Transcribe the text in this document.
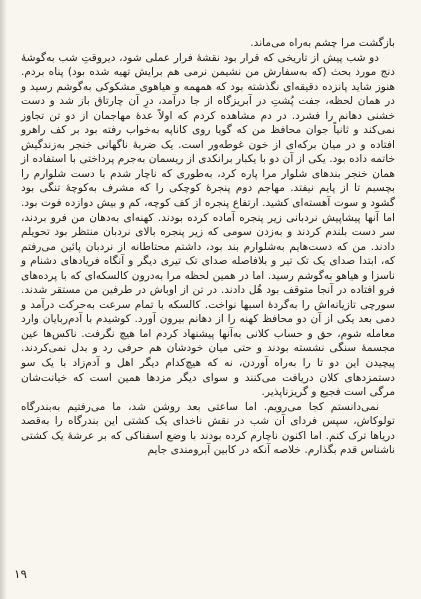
بازگشت مرا چشم به‌راه می‌ماند.

دو شب پیش از تاریخی که قرار بود نقشهٔ فرار عملی شود، دیروقتِ شب به‌گوشهٔ دنج مورد بحث (که به‌سفارش من نشیمن نرمی هم برایش تهیه شده بود) پناه بردم. هنوز شاید پانزده دقیقه‌ای نگذشته بود که همهمه و هیاهوی مشکوکی به‌گوشم رسید و در همان لحظه، جفت پُشتِ در آبریزگاه از جا درآمد، درِ آن چارتاق باز شد و دست خشنی دهانم را فشرد. در دم مشاهده کردم که اولاً عدهٔ مهاجمان از دو تن تجاوز نمی‌کند و ثانیاً جوان محافظ من که گویا روی کاناپه به‌خواب رفته بود بر کف راهرو افتاده و در میان برکه‌ای از خون غوطه‌ور است. یک ضربهٔ ناگهانی خنجر به‌زندگیش خاتمه داده بود. یکی از آن دو با یکبار برانکدی از ریسمان به‌جرم پرداختی با استفاده از همان خنجر بندهای شلوار مرا پاره کرد، به‌طوری که ناچار شدم با دست شلوارم را بچسبم تا از پایم نیفتد. مهاجم دوم پنجرهٔ کوچکی را که مشرف به‌کوچهٔ تنگی بود گشود و سوت آهسته‌ای کشید. ارتفاع پنجره از کف کوچه، کم و بیش دوازده فوت بود. اما آنها پیشاپیش نردبانی زیر پنجره آماده کرده بودند. کهنه‌ای به‌دهان من فرو بردند، سر دست بلندم کردند و به‌زدن سومی که زیر پنجره بالای نردبان منتظر بود تحویلم دادند. من که دست‌هایم به‌شلوارم بند بود، داشتم محتاطانه از نردبان پائین می‌رفتم که، ابتدا صدای یک تک تیر و بلافاصله صدای تک تیری دیگر و آنگاه فریادهای دشنام و ناسزا و هیاهو به‌گوشم رسید. اما در همین لحظه مرا به‌درون کالسکه‌ای که با پرده‌های فرو افتاده در آنجا متوقف بود هُل دادند. در تن از اوباش در طرفین من مستقر شدند. سورچی تازیانه‌اش را به‌گردهٔ اسبها نواخت. کالسکه با تمام سرعت به‌حرکت درآمد و دمی بعد یکی از آن دو محافظ کهنه را از دهانم بیرون آورد. کوشیدم با آدم‌ربایان وارد معامله شوم، حق و حساب کلانی به‌آنها پیشنهاد کردم اما هیچ نگرفت. ناکس‌ها عین مجسمهٔ سنگی نشسته بودند و حتی میان خودشان هم حرفی رد و بدل نمی‌کردند. پیچیدن این دو تا را به‌راه آوردن، نه که هیچ‌کدام دیگر اهل و آدم‌زاد با یک سو دستمزدهای کلان دریافت می‌کنند و سوای دیگر مزدها همین است که خیانت‌شان مرگی است فجیع و گریزناپذیر.

نمی‌دانستم کجا می‌رویم. اما ساعتی بعد روشن شد، ما می‌رفتیم به‌بندرگاه تولوکاش، سپس فردای آن شب در نقش ناخدای یک کشتی این بندرگاه را به‌قصد دریاها ترک کنم. اما اکنون ناچارم کرده بودند با وضع اسفناکی که بر عرشهٔ یک کشتی ناشناس قدم بگذارم. خلاصه آنکه در کابین آبرومندی جایم

۱۹
